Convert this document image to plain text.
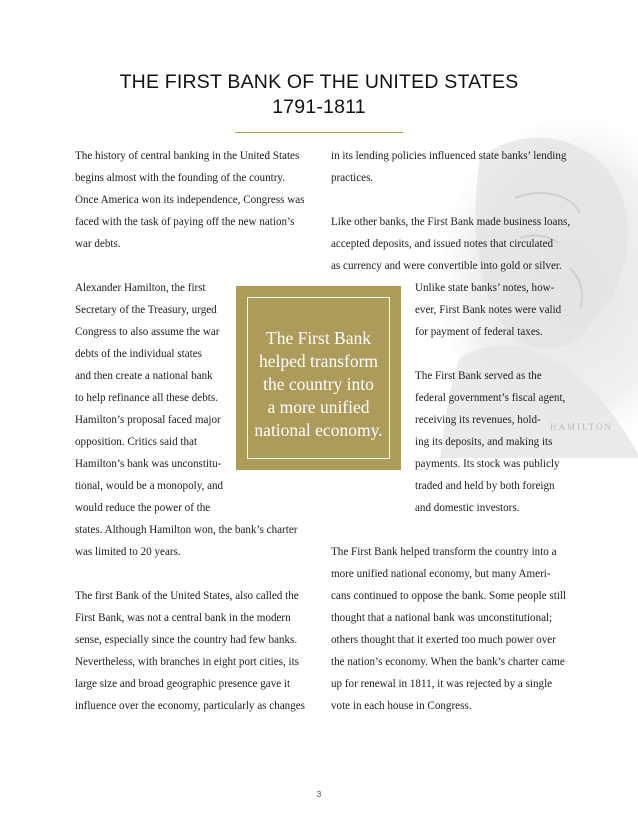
HAMILTON
THE FIRST BANK OF THE UNITED STATES
1791-1811
The history of central banking in the United States
begins almost with the founding of the country.
Once America won its independence, Congress was
faced with the task of paying off the new nation’s
war debts.
Alexander Hamilton, the first
Secretary of the Treasury, urged
Congress to also assume the war
debts of the individual states
and then create a national bank
to help refinance all these debts.
Hamilton’s proposal faced major
opposition. Critics said that
Hamilton’s bank was unconstitu-
tional, would be a monopoly, and
would reduce the power of the
states. Although Hamilton won, the bank’s charter
was limited to 20 years.
The first Bank of the United States, also called the
First Bank, was not a central bank in the modern
sense, especially since the country had few banks.
Nevertheless, with branches in eight port cities, its
large size and broad geographic presence gave it
influence over the economy, particularly as changes
in its lending policies influenced state banks’ lending
practices.
Like other banks, the First Bank made business loans,
accepted deposits, and issued notes that circulated
as currency and were convertible into gold or silver.
Unlike state banks’ notes, how-
ever, First Bank notes were valid
for payment of federal taxes.
The First Bank served as the
federal government’s fiscal agent,
receiving its revenues, hold-
ing its deposits, and making its
payments. Its stock was publicly
traded and held by both foreign
and domestic investors.
The First Bank helped transform the country into a
more unified national economy, but many Ameri-
cans continued to oppose the bank. Some people still
thought that a national bank was unconstitutional;
others thought that it exerted too much power over
the nation’s economy. When the bank’s charter came
up for renewal in 1811, it was rejected by a single
vote in each house in Congress.
The First Bank
helped transform
the country into
a more unified
national economy.
3
